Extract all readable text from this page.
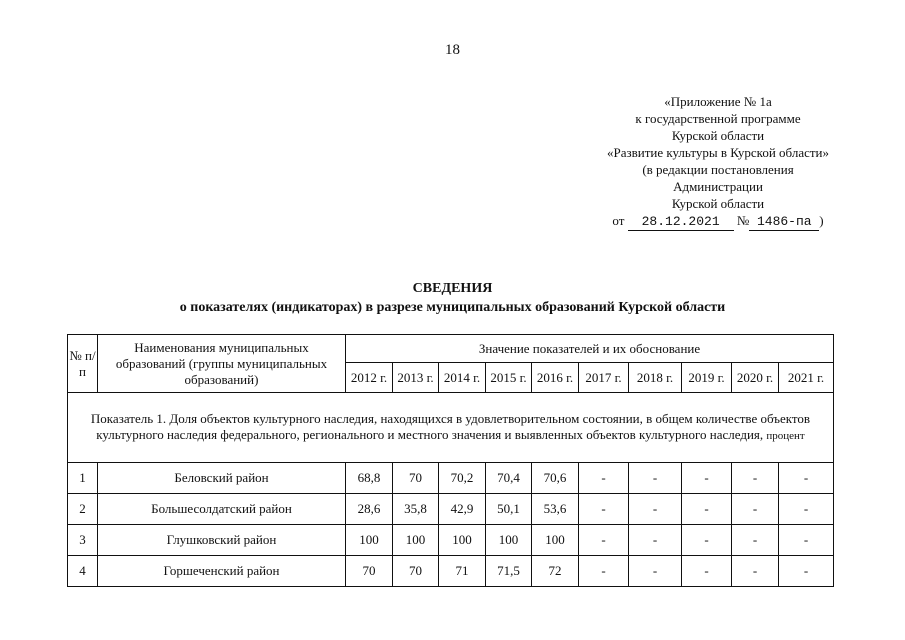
18
«Приложение № 1а
к государственной программе
Курской области
«Развитие культуры в Курской области»
(в редакции постановления
Администрации
Курской области
от 28.12.2021 № 1486-па )
СВЕДЕНИЯ
о показателях (индикаторах) в разрезе муниципальных образований Курской области
№ п/п	Наименования муниципальных образований (группы муниципальных образований)	Значение показателей и их обоснование									
		2012 г.	2013 г.	2014 г.	2015 г.	2016 г.	2017 г.	2018 г.	2019 г.	2020 г.	2021 г.
Показатель 1. Доля объектов культурного наследия, находящихся в удовлетворительном состоянии, в общем количестве объектов культурного наследия федерального, регионального и местного значения и выявленных объектов культурного наследия, процент											
1	Беловский район	68,8	70	70,2	70,4	70,6	-	-	-	-	-
2	Большесолдатский район	28,6	35,8	42,9	50,1	53,6	-	-	-	-	-
3	Глушковский район	100	100	100	100	100	-	-	-	-	-
4	Горшеченский район	70	70	71	71,5	72	-	-	-	-	-
